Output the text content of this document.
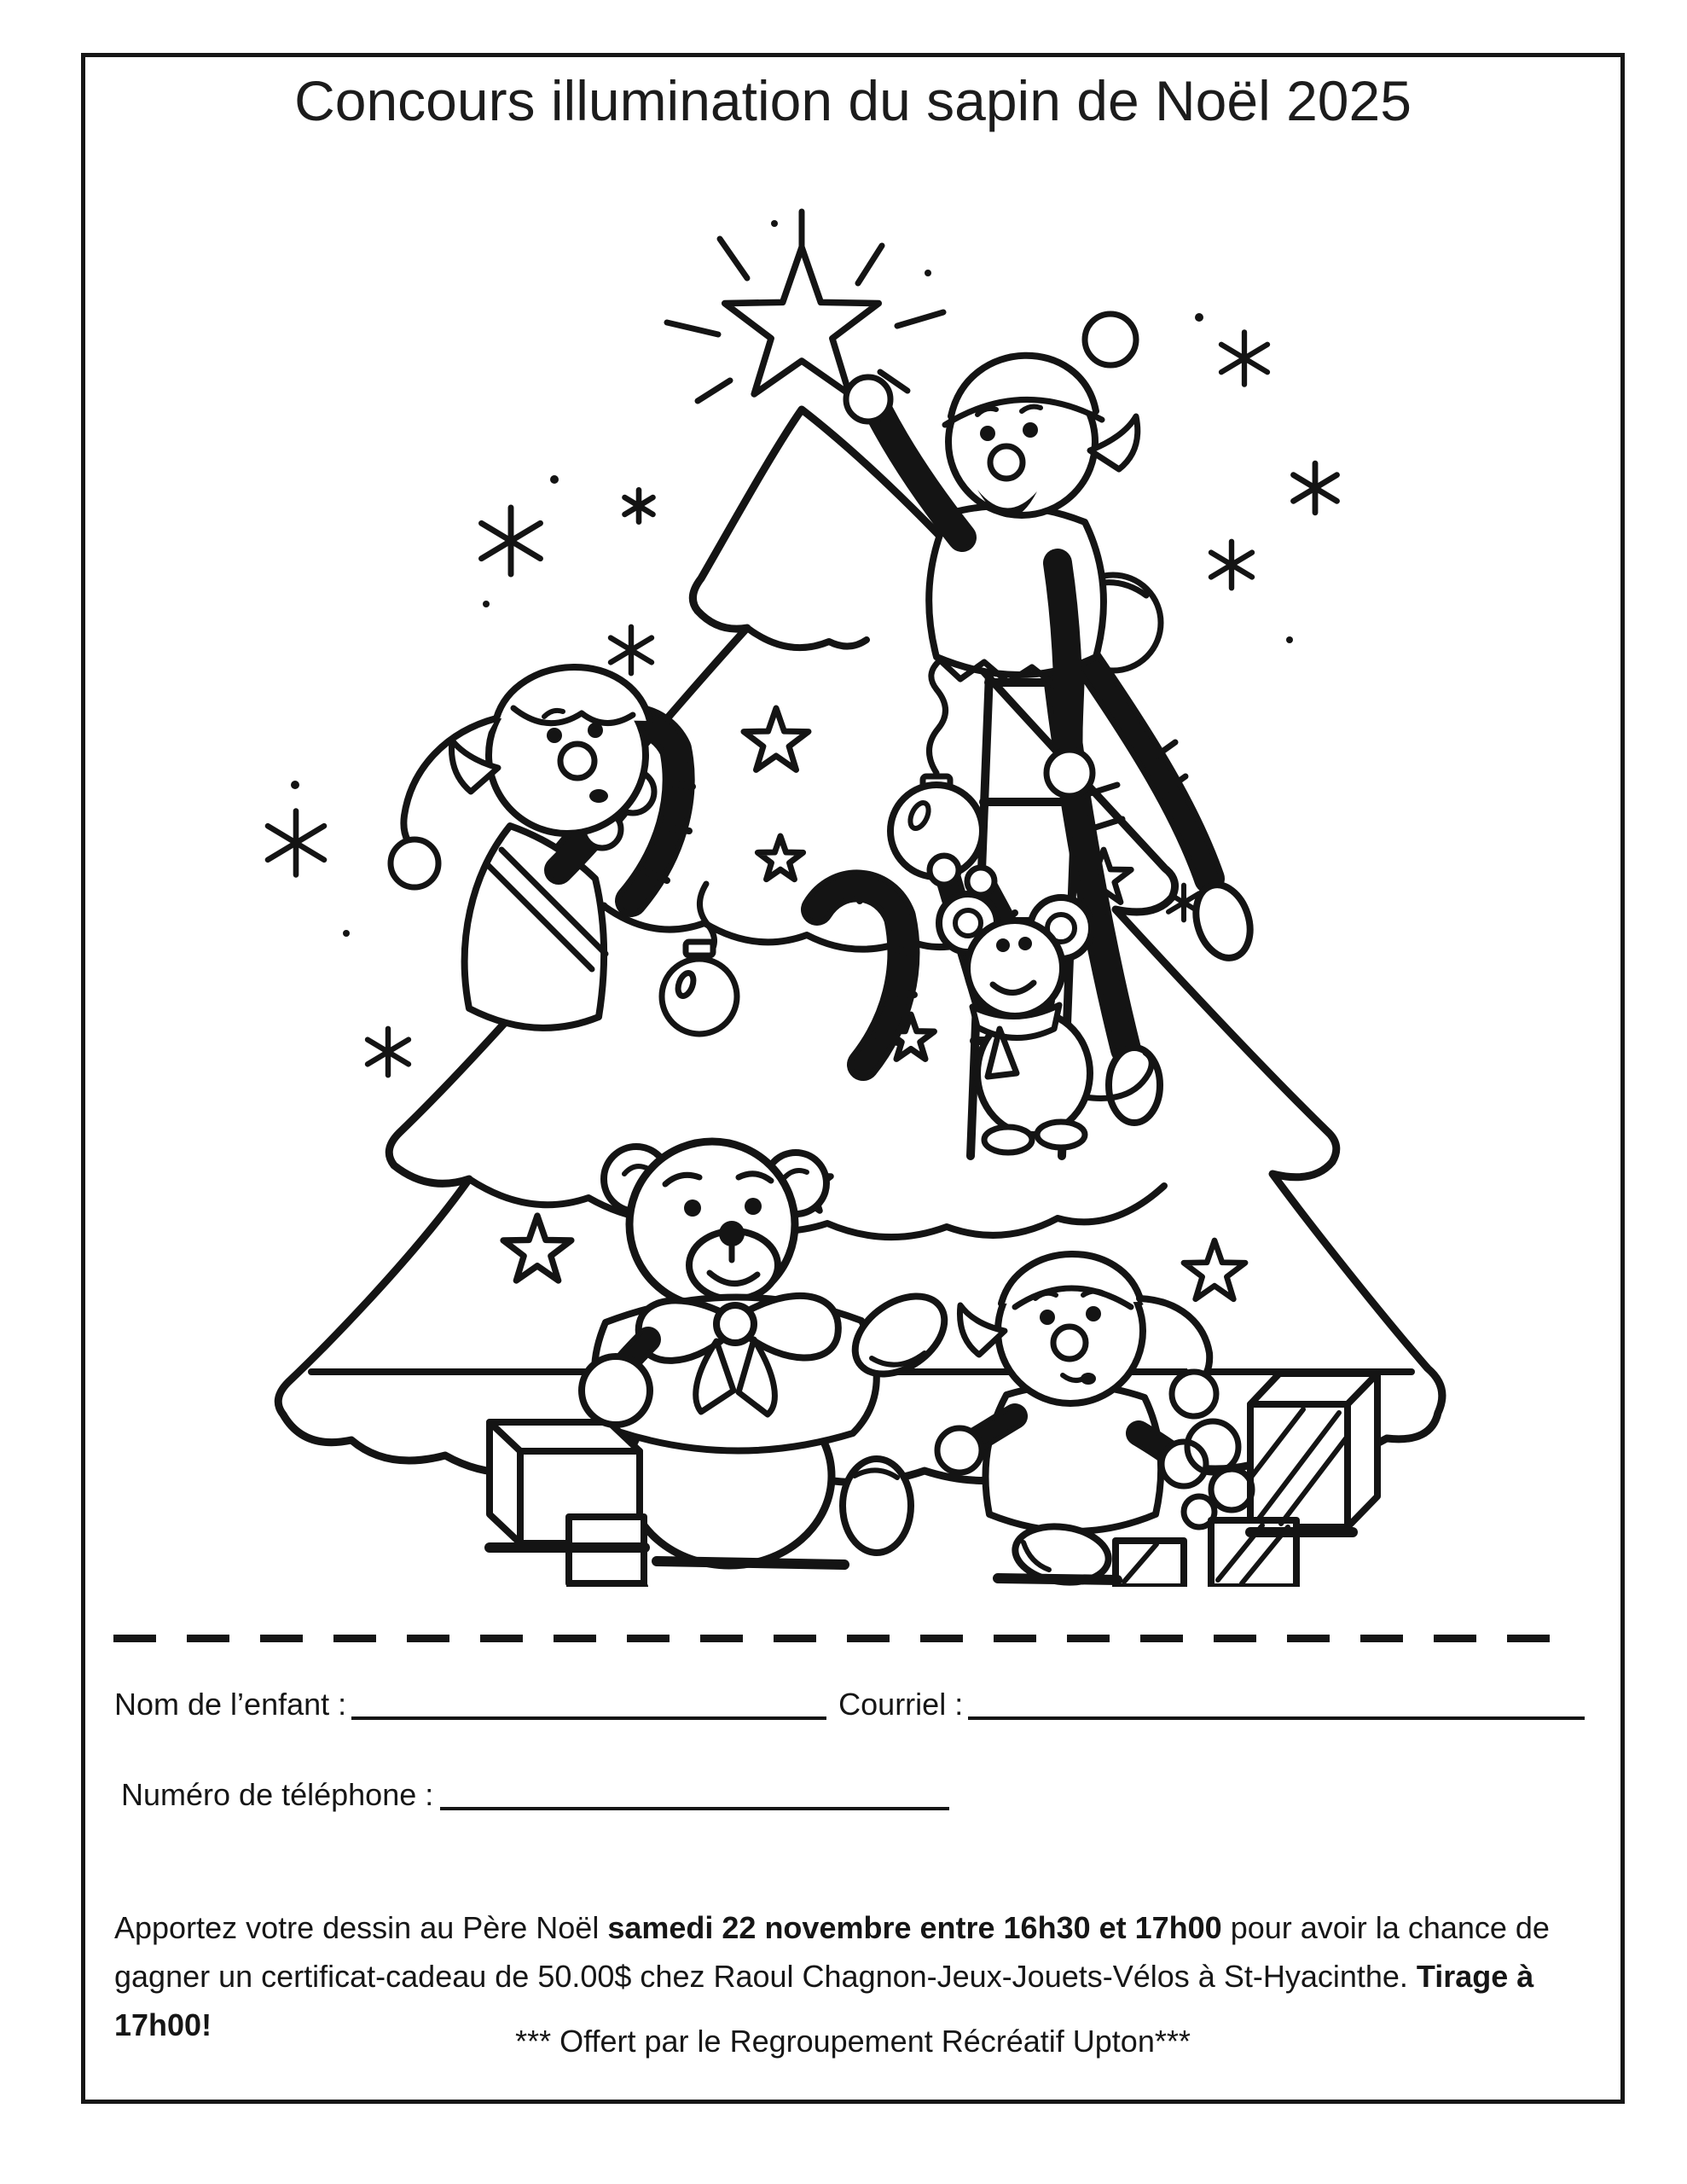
Concours illumination du sapin de Noël 2025
Nom de l’enfant :	Courriel :
Numéro de téléphone :

Apportez votre dessin au Père Noël samedi 22 novembre entre 16h30 et 17h00 pour avoir la chance de gagner un certificat-cadeau de 50.00$ chez Raoul Chagnon-Jeux-Jouets-Vélos à St-Hyacinthe. Tirage à 17h00!	*** Offert par le Regroupement Récréatif Upton***
